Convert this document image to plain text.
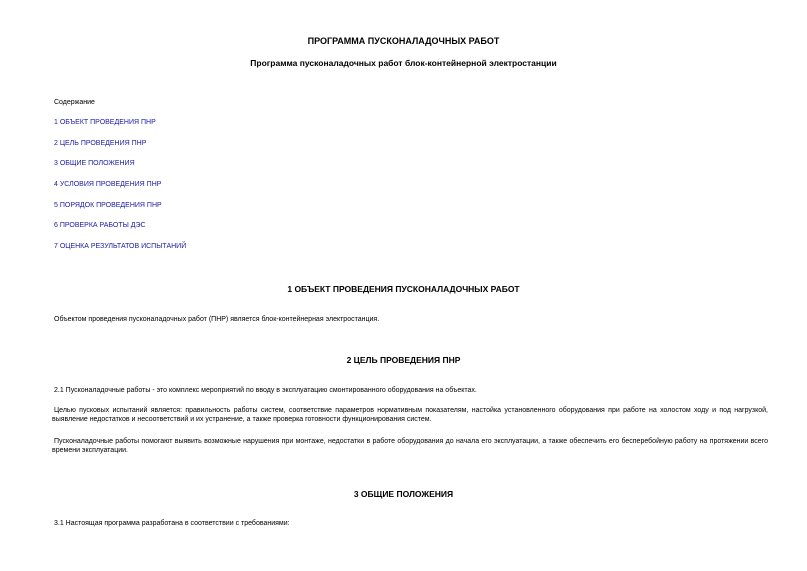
ПРОГРАММА ПУСКОНАЛАДОЧНЫХ РАБОТ
Программа пусконаладочных работ блок-контейнерной электростанции
Содержание
1 ОБЪЕКТ ПРОВЕДЕНИЯ ПНР
2 ЦЕЛЬ ПРОВЕДЕНИЯ ПНР
3 ОБЩИЕ ПОЛОЖЕНИЯ
4 УСЛОВИЯ ПРОВЕДЕНИЯ ПНР
5 ПОРЯДОК ПРОВЕДЕНИЯ ПНР
6 ПРОВЕРКА РАБОТЫ ДЭС
7 ОЦЕНКА РЕЗУЛЬТАТОВ ИСПЫТАНИЙ
1 ОБЪЕКТ ПРОВЕДЕНИЯ ПУСКОНАЛАДОЧНЫХ РАБОТ
Объектом проведения пусконаладочных работ (ПНР) является блок-контейнерная электростанция.
2 ЦЕЛЬ ПРОВЕДЕНИЯ ПНР
2.1 Пусконаладочные работы - это комплекс мероприятий по вводу в эксплуатацию смонтированного оборудования на объектах.
Целью пусковых испытаний является: правильность работы систем, соответствие параметров нормативным показателям, настойка установленного оборудования при работе на холостом ходу и под нагрузкой, выявление недостатков и несоответствий и их устранение, а также проверка готовности функционирования систем.
Пусконаладочные работы помогают выявить возможные нарушения при монтаже, недостатки в работе оборудования до начала его эксплуатации, а также обеспечить его бесперебойную работу на протяжении всего времени эксплуатации.
3 ОБЩИЕ ПОЛОЖЕНИЯ
3.1 Настоящая программа разработана в соответствии с требованиями:
